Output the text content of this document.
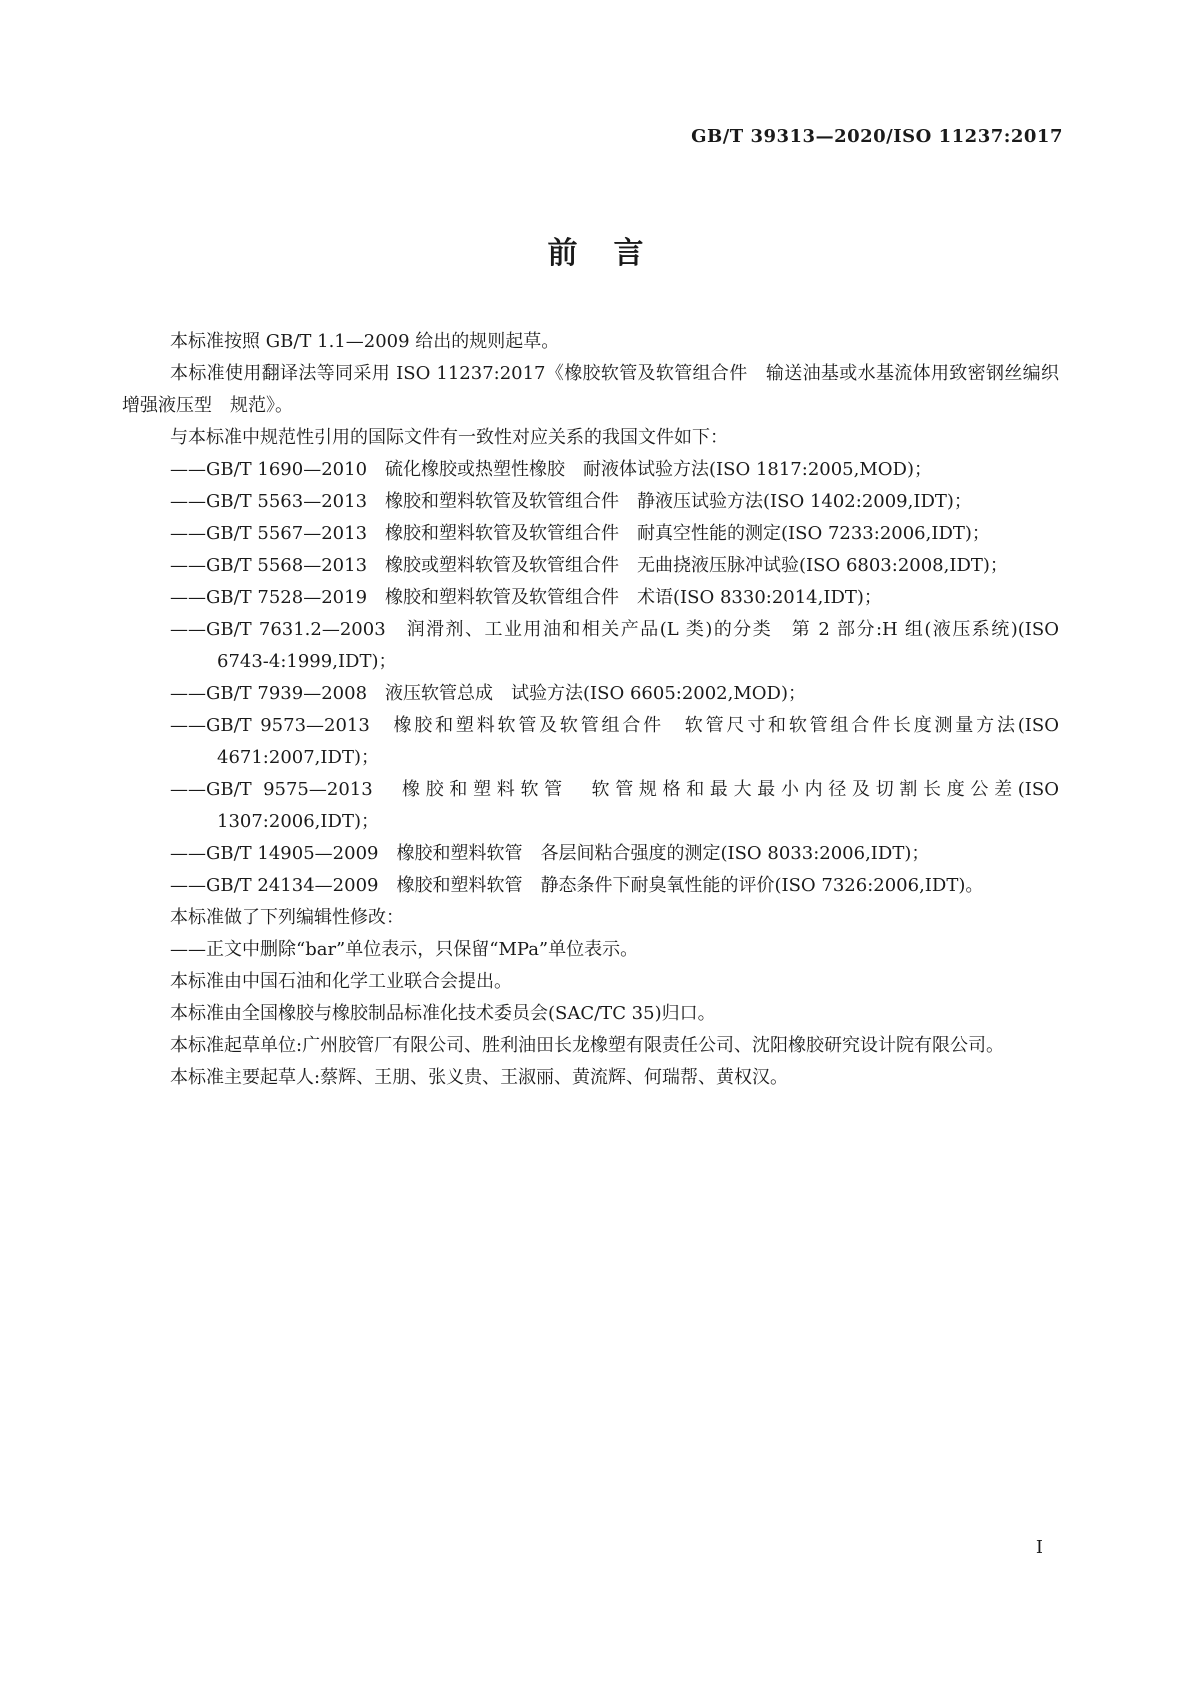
GB/T 39313—2020/ISO 11237:2017
前言

本标准按照 GB/T 1.1—2009 给出的规则起草。

本标准使用翻译法等同采用 ISO 11237:2017《橡胶软管及软管组合件　输送油基或水基流体用致密钢丝编织增强液压型　规范》。

与本标准中规范性引用的国际文件有一致性对应关系的我国文件如下：

——GB/T 1690—2010　硫化橡胶或热塑性橡胶　耐液体试验方法(ISO 1817:2005,MOD)；

——GB/T 5563—2013　橡胶和塑料软管及软管组合件　静液压试验方法(ISO 1402:2009,IDT)；

——GB/T 5567—2013　橡胶和塑料软管及软管组合件　耐真空性能的测定(ISO 7233:2006,IDT)；

——GB/T 5568—2013　橡胶或塑料软管及软管组合件　无曲挠液压脉冲试验(ISO 6803:2008,IDT)；

——GB/T 7528—2019　橡胶和塑料软管及软管组合件　术语(ISO 8330:2014,IDT)；

——GB/T 7631.2—2003　润滑剂、工业用油和相关产品(L 类)的分类　第 2 部分:H 组(液压系统)(ISO 6743-4:1999,IDT)；

——GB/T 7939—2008　液压软管总成　试验方法(ISO 6605:2002,MOD)；

——GB/T 9573—2013　橡胶和塑料软管及软管组合件　软管尺寸和软管组合件长度测量方法(ISO 4671:2007,IDT)；

——GB/T 9575—2013　橡胶和塑料软管　软管规格和最大最小内径及切割长度公差(ISO 1307:2006,IDT)；

——GB/T 14905—2009　橡胶和塑料软管　各层间粘合强度的测定(ISO 8033:2006,IDT)；

——GB/T 24134—2009　橡胶和塑料软管　静态条件下耐臭氧性能的评价(ISO 7326:2006,IDT)。

本标准做了下列编辑性修改：

——正文中删除“bar”单位表示，只保留“MPa”单位表示。

本标准由中国石油和化学工业联合会提出。

本标准由全国橡胶与橡胶制品标准化技术委员会(SAC/TC 35)归口。

本标准起草单位:广州胶管厂有限公司、胜利油田长龙橡塑有限责任公司、沈阳橡胶研究设计院有限公司。

本标准主要起草人:蔡辉、王朋、张义贵、王淑丽、黄流辉、何瑞帮、黄权汉。

I
